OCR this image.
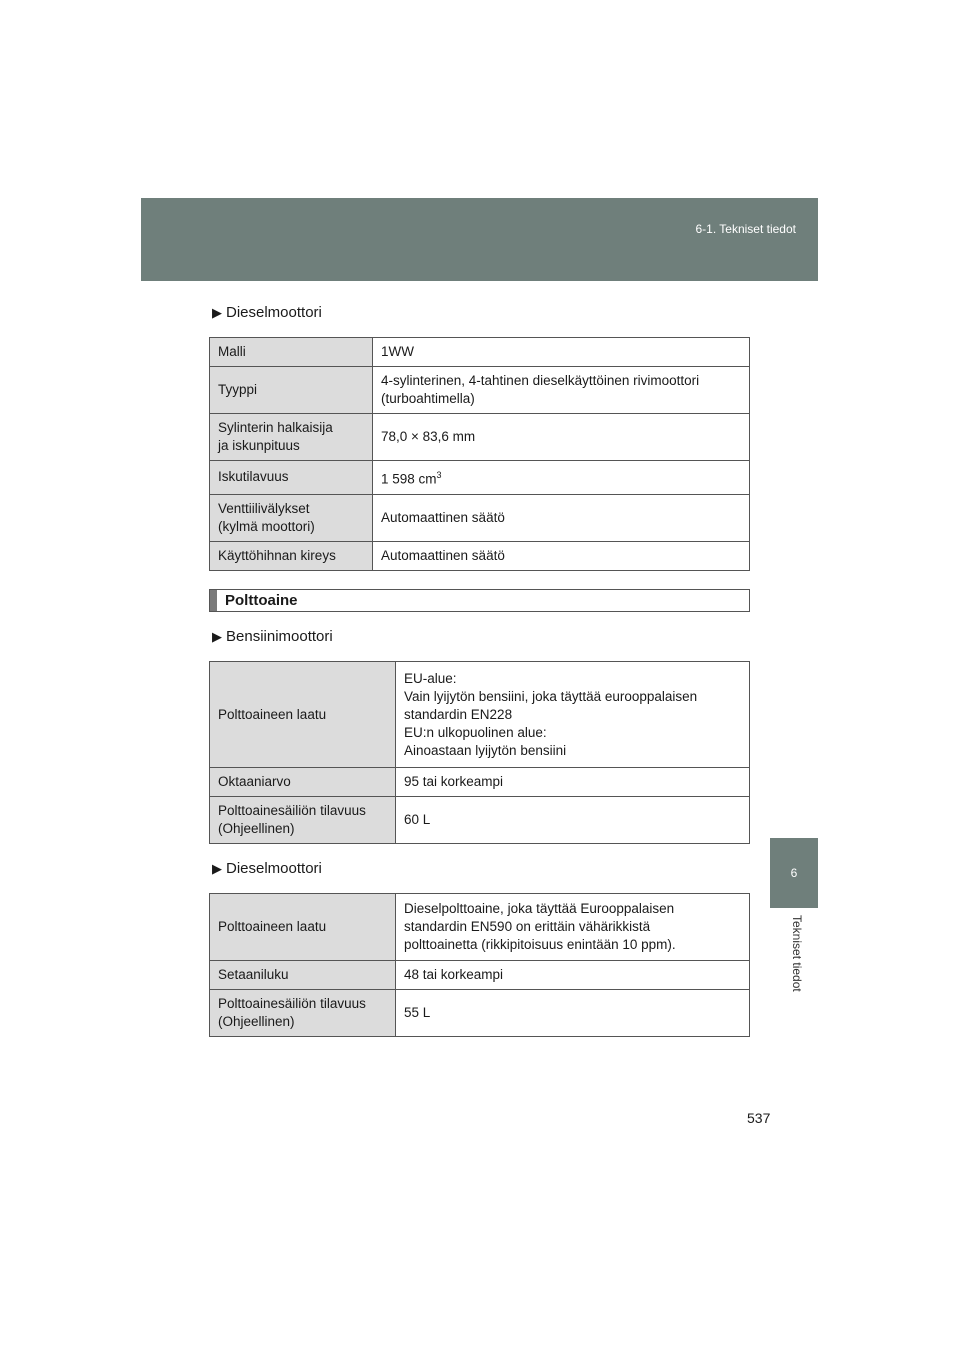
6-1. Tekniset tiedot
6
Tekniset tiedot
▶ Dieselmoottori
Malli	1WW

Tyyppi	4-sylinterinen, 4-tahtinen dieselkäyttöinen rivimoottori
(turboahtimella)

Sylinterin halkaisija
ja iskunpituus	78,0 × 83,6 mm

Iskutilavuus	1 598 $cm^3$

Venttiilivälykset
(kylmä moottori)	Automaattinen säätö

Käyttöhihnan kireys	Automaattinen säätö
Polttoaine
▶ Bensiinimoottori
Polttoaineen laatu	EU-alue:
Vain lyijytön bensiini, joka täyttää eurooppalaisen
standardin EN228
EU:n ulkopuolinen alue:
Ainoastaan lyijytön bensiini

Oktaaniarvo	95 tai korkeampi

Polttoainesäiliön tilavuus
(Ohjeellinen)	60 L
▶ Dieselmoottori
Polttoaineen laatu	Dieselpolttoaine, joka täyttää Eurooppalaisen
standardin EN590 on erittäin vähärikkistä
polttoainetta (rikkipitoisuus enintään 10 ppm).

Setaaniluku	48 tai korkeampi

Polttoainesäiliön tilavuus
(Ohjeellinen)	55 L
537
